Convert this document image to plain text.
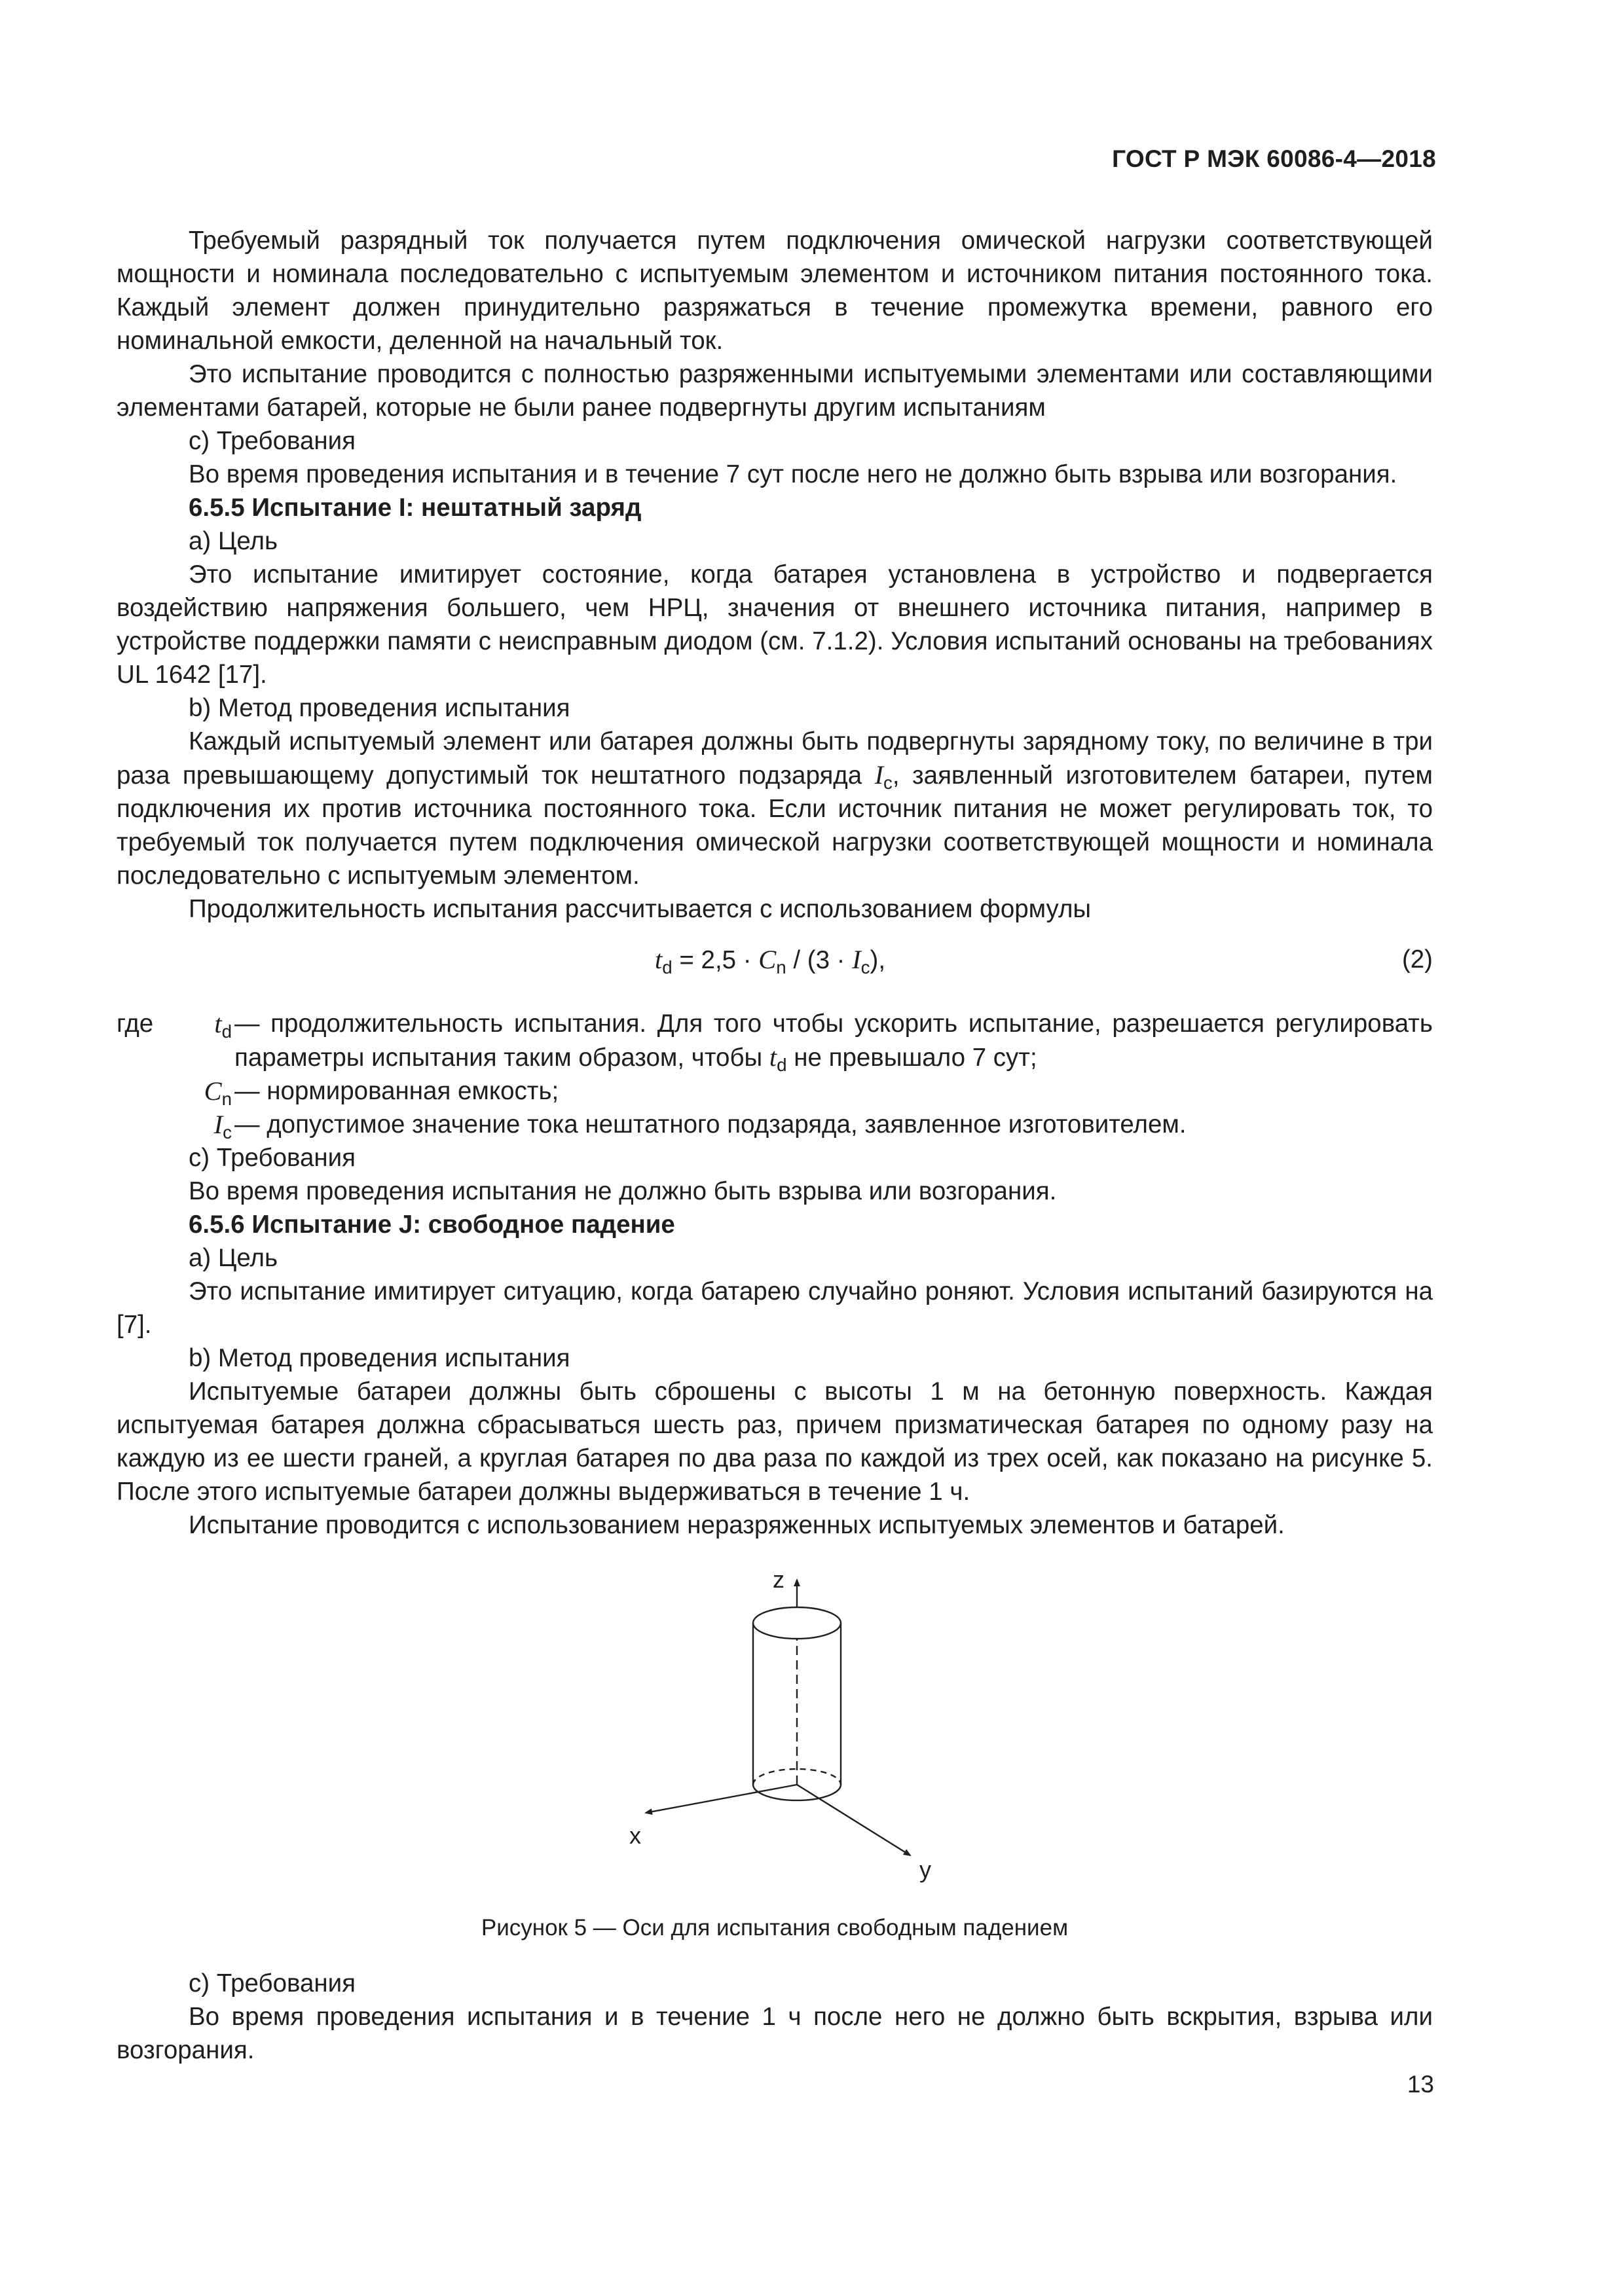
ГОСТ Р МЭК 60086-4—2018

Требуемый разрядный ток получается путем подключения омической нагрузки соответствующей мощности и номинала последовательно с испытуемым элементом и источником питания постоянного тока. Каждый элемент должен принудительно разряжаться в течение промежутка времени, равного его номинальной емкости, деленной на начальный ток.

Это испытание проводится с полностью разряженными испытуемыми элементами или составляющими элементами батарей, которые не были ранее подвергнуты другим испытаниям

c) Требования

Во время проведения испытания и в течение 7 сут после него не должно быть взрыва или возгорания.

6.5.5 Испытание I: нештатный заряд

а) Цель

Это испытание имитирует состояние, когда батарея установлена в устройство и подвергается воздействию напряжения большего, чем НРЦ, значения от внешнего источника питания, например в устройстве поддержки памяти с неисправным диодом (см. 7.1.2). Условия испытаний основаны на требованиях UL 1642 [17].

b) Метод проведения испытания

Каждый испытуемый элемент или батарея должны быть подвергнуты зарядному току, по величине в три раза превышающему допустимый ток нештатного подзаряда $I_c$, заявленный изготовителем батареи, путем подключения их против источника постоянного тока. Если источник питания не может регулировать ток, то требуемый ток получается путем подключения омической нагрузки соответствующей мощности и номинала последовательно с испытуемым элементом.

Продолжительность испытания рассчитывается с использованием формулы

$t_d = 2,5 \cdot C_n / (3 \cdot I_c)$,	(2)
где $t_d$ — продолжительность испытания. Для того чтобы ускорить испытание, разрешается регулировать параметры испытания таким образом, чтобы $t_d$ не превышало 7 сут;
$C_n$ — нормированная емкость;
$I_c$ — допустимое значение тока нештатного подзаряда, заявленное изготовителем.

c) Требования

Во время проведения испытания не должно быть взрыва или возгорания.

6.5.6 Испытание J: свободное падение

а) Цель

Это испытание имитирует ситуацию, когда батарею случайно роняют. Условия испытаний базируются на [7].

b) Метод проведения испытания

Испытуемые батареи должны быть сброшены с высоты 1 м на бетонную поверхность. Каждая испытуемая батарея должна сбрасываться шесть раз, причем призматическая батарея по одному разу на каждую из ее шести граней, а круглая батарея по два раза по каждой из трех осей, как показано на рисунке 5. После этого испытуемые батареи должны выдерживаться в течение 1 ч.

Испытание проводится с использованием неразряженных испытуемых элементов и батарей.

z
x
y
Рисунок 5 — Оси для испытания свободным падением

c) Требования

Во время проведения испытания и в течение 1 ч после него не должно быть вскрытия, взрыва или возгорания.

13
